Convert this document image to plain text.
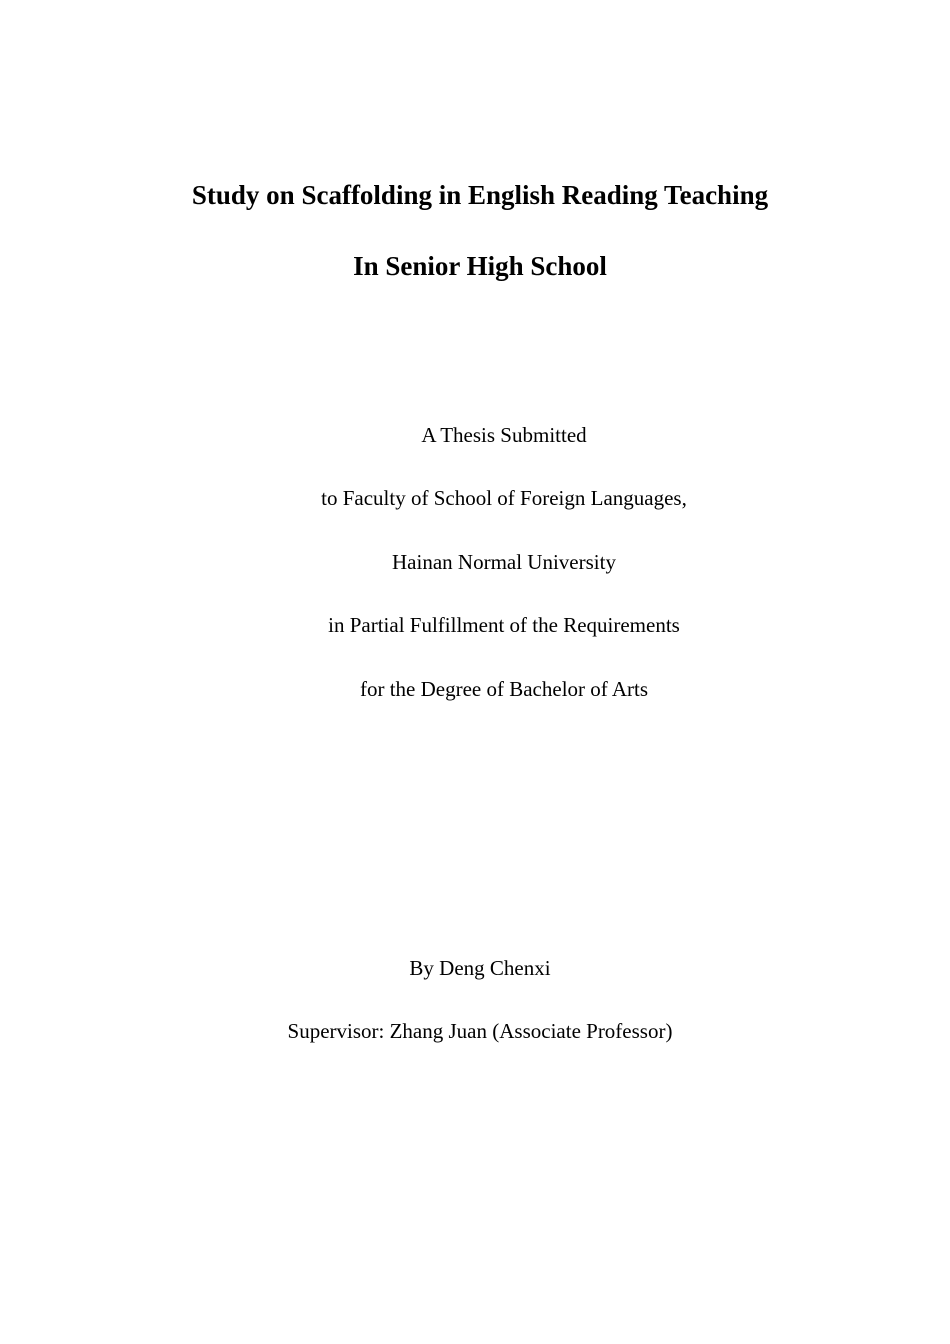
Study on Scaffolding in English Reading Teaching
In Senior High School
A Thesis Submitted
to Faculty of School of Foreign Languages,
Hainan Normal University
in Partial Fulfillment of the Requirements
for the Degree of Bachelor of Arts
By Deng Chenxi
Supervisor: Zhang Juan (Associate Professor)
